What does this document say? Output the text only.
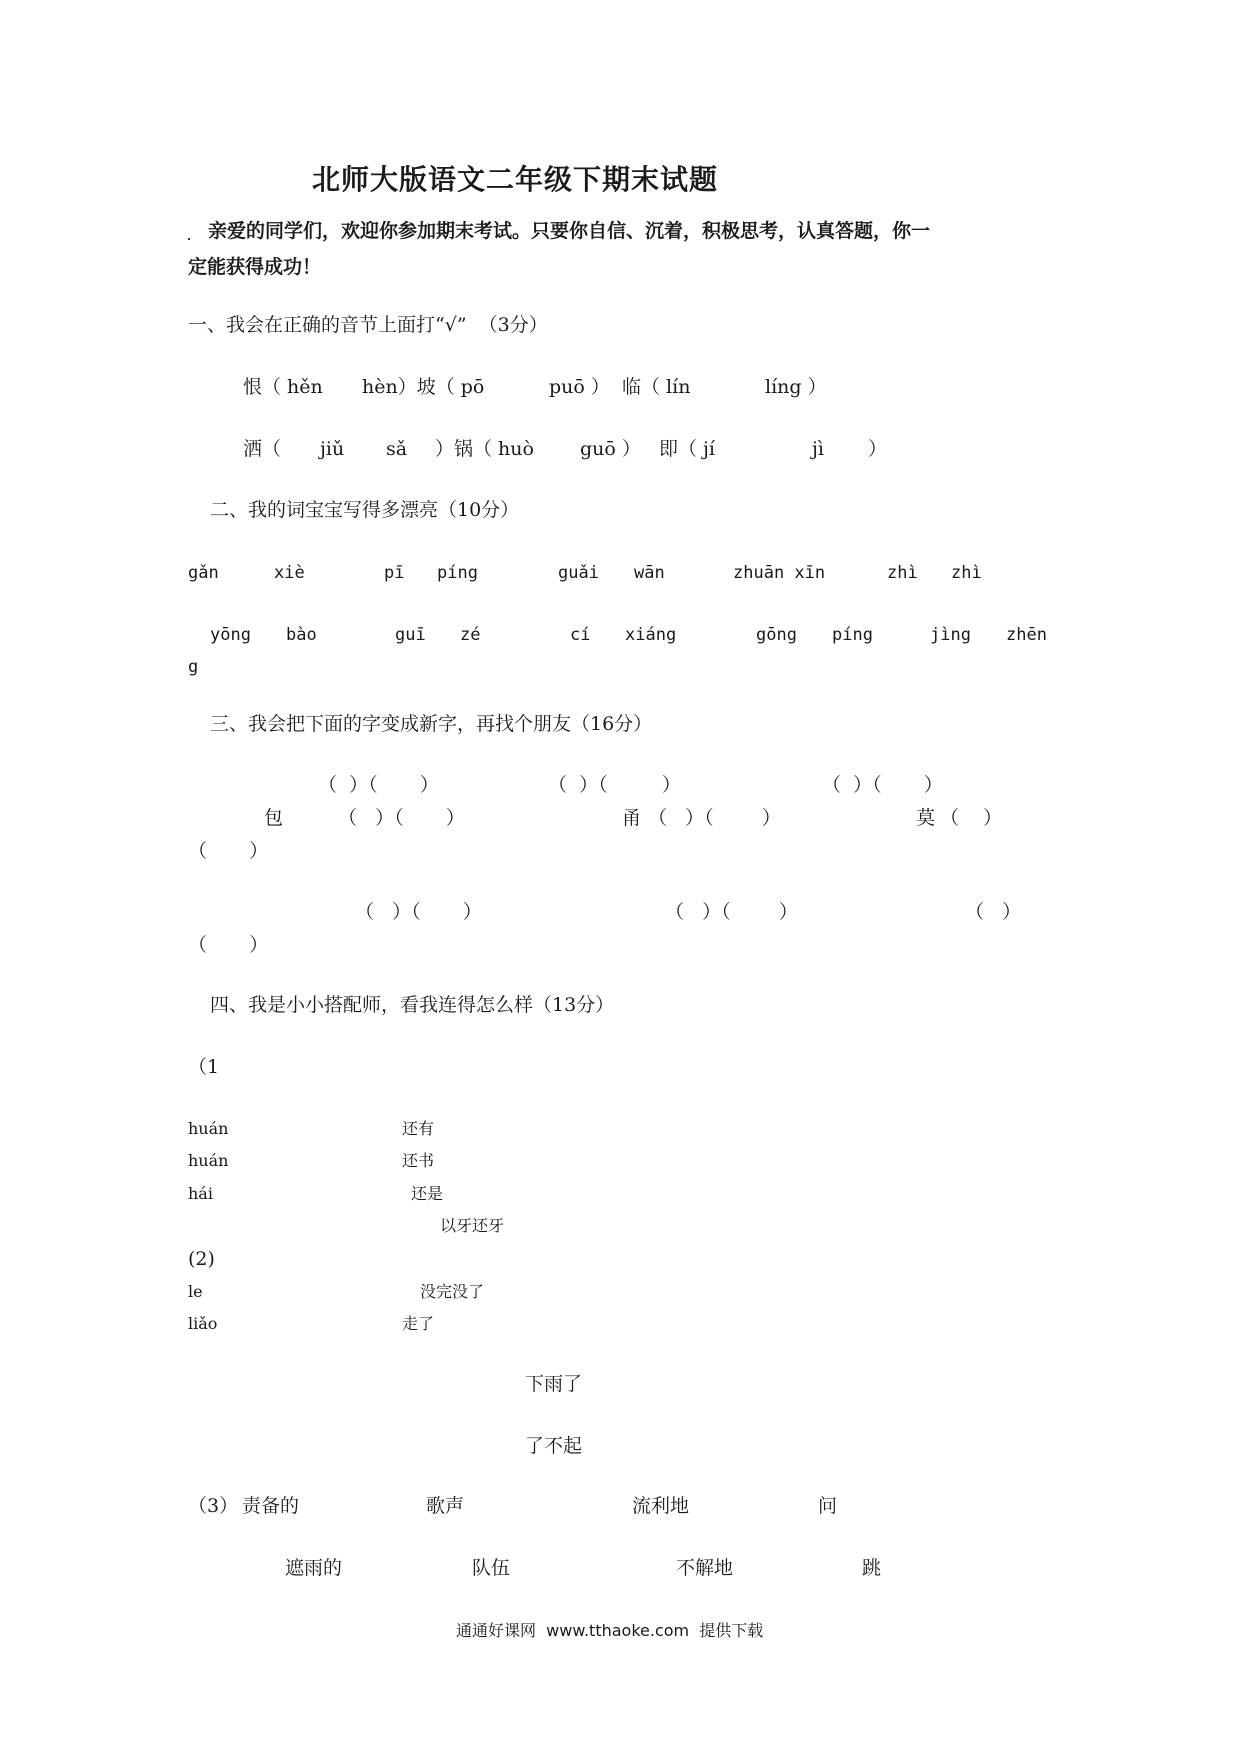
北师大版语文二年级下期末试题
亲爱的同学们，欢迎你参加期末考试。只要你自信、沉着，积极思考，认真答题，你一
定能获得成功！
一、我会在正确的音节上面打“√”  （3分）
恨（ hěn hèn）坡（ pō	puō ） 临（ lín	líng ）
洒（ jiǔ sǎ ）锅（ huò guō ） 即（ jí	jì ）
二、我的词宝宝写得多漂亮（10分）
gǎn	xiè	pī píng	guǎi wān	zhuān xīn	zhì zhì
yōng bào	guī zé	cí xiáng	gōng píng	jìng zhēn
g
三、我会把下面的字变成新字，再找个朋友（16分）
（  ）（       ）	（  ）（         ）	（  ）（       ）
包	（   ）（       ）	甬 （   ）（        ）	莫 （    ）
（       ）
（   ）（       ）	（   ）（        ）	（   ）
（       ）
四、我是小小搭配师，看我连得怎么样（13分）
（1
huán
huán
hái
还有
还书
还是
以牙还牙
(2)
le
liǎo
没完没了
走了
下雨了
了不起
（3） 责备的	歌声	流利地	问
遮雨的	队伍	不解地	跳
通通好课网  www.tthaoke.com  提供下载
